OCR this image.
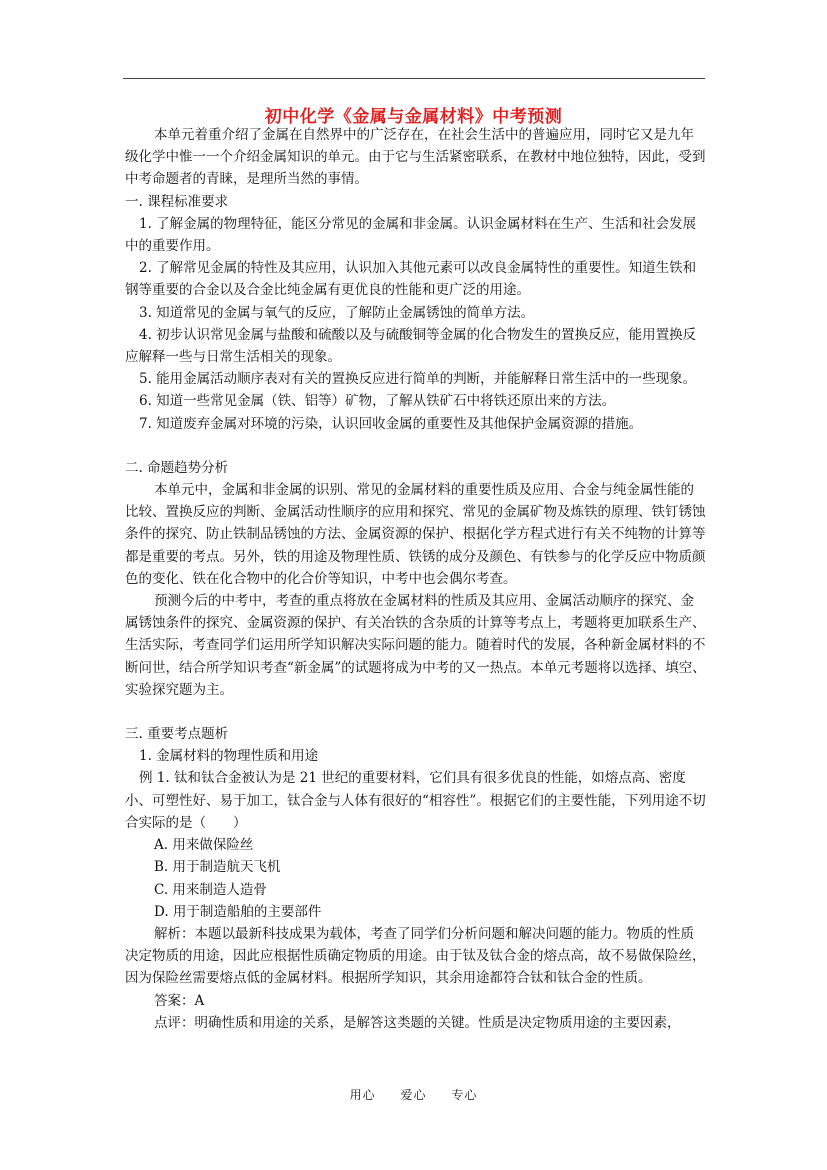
初中化学《金属与金属材料》中考预测

本单元着重介绍了金属在自然界中的广泛存在，在社会生活中的普遍应用，同时它又是九年级化学中惟一一个介绍金属知识的单元。由于它与生活紧密联系，在教材中地位独特，因此，受到中考命题者的青睐，是理所当然的事情。

一. 课程标准要求

1. 了解金属的物理特征，能区分常见的金属和非金属。认识金属材料在生产、生活和社会发展中的重要作用。

2. 了解常见金属的特性及其应用，认识加入其他元素可以改良金属特性的重要性。知道生铁和钢等重要的合金以及合金比纯金属有更优良的性能和更广泛的用途。

3. 知道常见的金属与氧气的反应，了解防止金属锈蚀的简单方法。

4. 初步认识常见金属与盐酸和硫酸以及与硫酸铜等金属的化合物发生的置换反应，能用置换反应解释一些与日常生活相关的现象。

5. 能用金属活动顺序表对有关的置换反应进行简单的判断，并能解释日常生活中的一些现象。

6. 知道一些常见金属（铁、铝等）矿物，了解从铁矿石中将铁还原出来的方法。

7. 知道废弃金属对环境的污染，认识回收金属的重要性及其他保护金属资源的措施。

二. 命题趋势分析

本单元中，金属和非金属的识别、常见的金属材料的重要性质及应用、合金与纯金属性能的比较、置换反应的判断、金属活动性顺序的应用和探究、常见的金属矿物及炼铁的原理、铁钉锈蚀条件的探究、防止铁制品锈蚀的方法、金属资源的保护、根据化学方程式进行有关不纯物的计算等都是重要的考点。另外，铁的用途及物理性质、铁锈的成分及颜色、有铁参与的化学反应中物质颜色的变化、铁在化合物中的化合价等知识，中考中也会偶尔考查。

预测今后的中考中，考查的重点将放在金属材料的性质及其应用、金属活动顺序的探究、金属锈蚀条件的探究、金属资源的保护、有关冶铁的含杂质的计算等考点上，考题将更加联系生产、生活实际，考查同学们运用所学知识解决实际问题的能力。随着时代的发展，各种新金属材料的不断问世，结合所学知识考查“新金属”的试题将成为中考的又一热点。本单元考题将以选择、填空、实验探究题为主。

三. 重要考点题析

1. 金属材料的物理性质和用途

例 1. 钛和钛合金被认为是 21 世纪的重要材料，它们具有很多优良的性能，如熔点高、密度小、可塑性好、易于加工，钛合金与人体有很好的“相容性”。根据它们的主要性能，下列用途不切合实际的是（　　）

A. 用来做保险丝

B. 用于制造航天飞机

C. 用来制造人造骨

D. 用于制造船舶的主要部件

解析：本题以最新科技成果为载体，考查了同学们分析问题和解决问题的能力。物质的性质决定物质的用途，因此应根据性质确定物质的用途。由于钛及钛合金的熔点高，故不易做保险丝，因为保险丝需要熔点低的金属材料。根据所学知识，其余用途都符合钛和钛合金的性质。

答案：A

点评：明确性质和用途的关系，是解答这类题的关键。性质是决定物质用途的主要因素，

用心 爱心 专心
